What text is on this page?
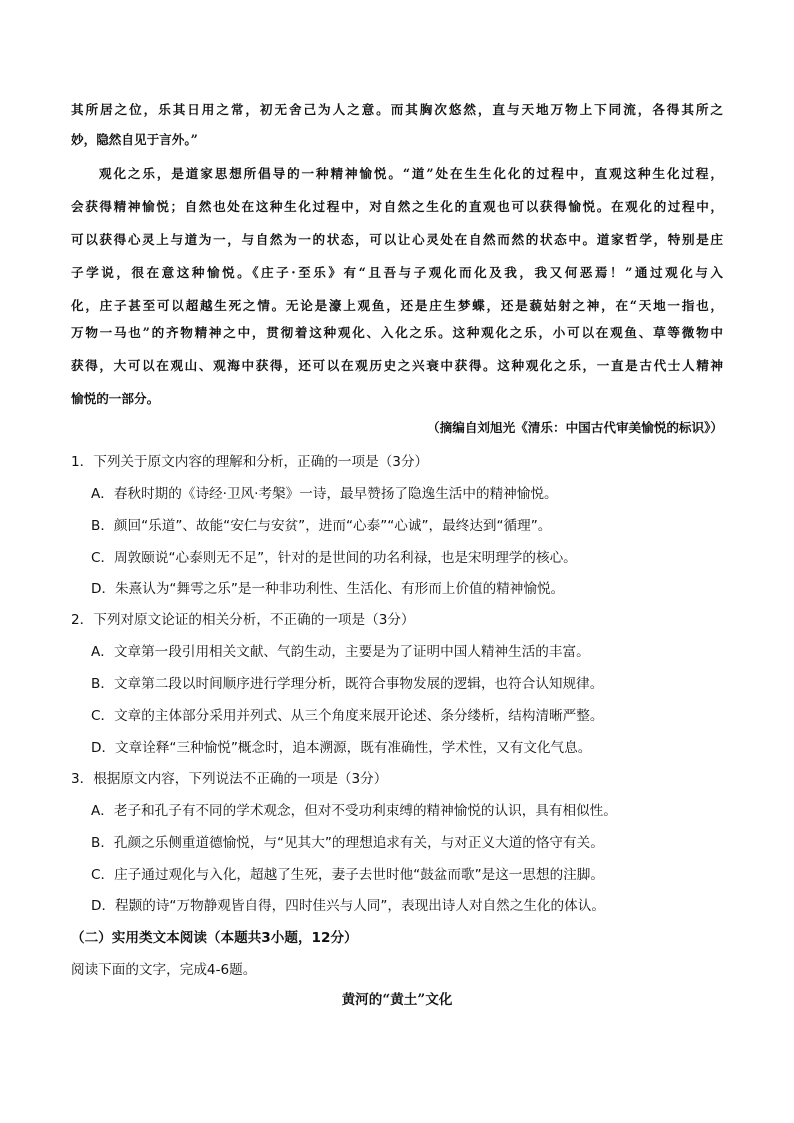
其所居之位，乐其日用之常，初无舍己为人之意。而其胸次悠然，直与天地万物上下同流，各得其所之
妙，隐然自见于言外。”
观化之乐，是道家思想所倡导的一种精神愉悦。“道”处在生生化化的过程中，直观这种生化过程，
会获得精神愉悦；自然也处在这种生化过程中，对自然之生化的直观也可以获得愉悦。在观化的过程中，
可以获得心灵上与道为一，与自然为一的状态，可以让心灵处在自然而然的状态中。道家哲学，特别是庄
子学说，很在意这种愉悦。《庄子·至乐》有“且吾与子观化而化及我，我又何恶焉！”通过观化与入
化，庄子甚至可以超越生死之情。无论是濠上观鱼，还是庄生梦蝶，还是藐姑射之神，在“天地一指也，
万物一马也”的齐物精神之中，贯彻着这种观化、入化之乐。这种观化之乐，小可以在观鱼、草等微物中
获得，大可以在观山、观海中获得，还可以在观历史之兴衰中获得。这种观化之乐，一直是古代士人精神
愉悦的一部分。
（摘编自刘旭光《清乐：中国古代审美愉悦的标识》）
1．下列关于原文内容的理解和分析，正确的一项是（3分）
A．春秋时期的《诗经·卫风·考槃》一诗，最早赞扬了隐逸生活中的精神愉悦。
B．颜回“乐道”、故能“安仁与安贫”，进而“心泰”“心诚”，最终达到“循理”。
C．周敦颐说“心泰则无不足”，针对的是世间的功名利禄，也是宋明理学的核心。
D．朱熹认为“舞雩之乐”是一种非功利性、生活化、有形而上价值的精神愉悦。
2．下列对原文论证的相关分析，不正确的一项是（3分）
A．文章第一段引用相关文献、气韵生动，主要是为了证明中国人精神生活的丰富。
B．文章第二段以时间顺序进行学理分析，既符合事物发展的逻辑，也符合认知规律。
C．文章的主体部分采用并列式、从三个角度来展开论述、条分缕析，结构清晰严整。
D．文章诠释“三种愉悦”概念时，追本溯源，既有准确性，学术性，又有文化气息。
3．根据原文内容，下列说法不正确的一项是（3分）
A．老子和孔子有不同的学术观念，但对不受功利束缚的精神愉悦的认识，具有相似性。
B．孔颜之乐侧重道德愉悦，与“见其大”的理想追求有关，与对正义大道的恪守有关。
C．庄子通过观化与入化，超越了生死，妻子去世时他“鼓盆而歌”是这一思想的注脚。
D．程颢的诗“万物静观皆自得，四时佳兴与人同”，表现出诗人对自然之生化的体认。
（二）实用类文本阅读（本题共3小题，12分）
阅读下面的文字，完成4-6题。
黄河的“黄土”文化
